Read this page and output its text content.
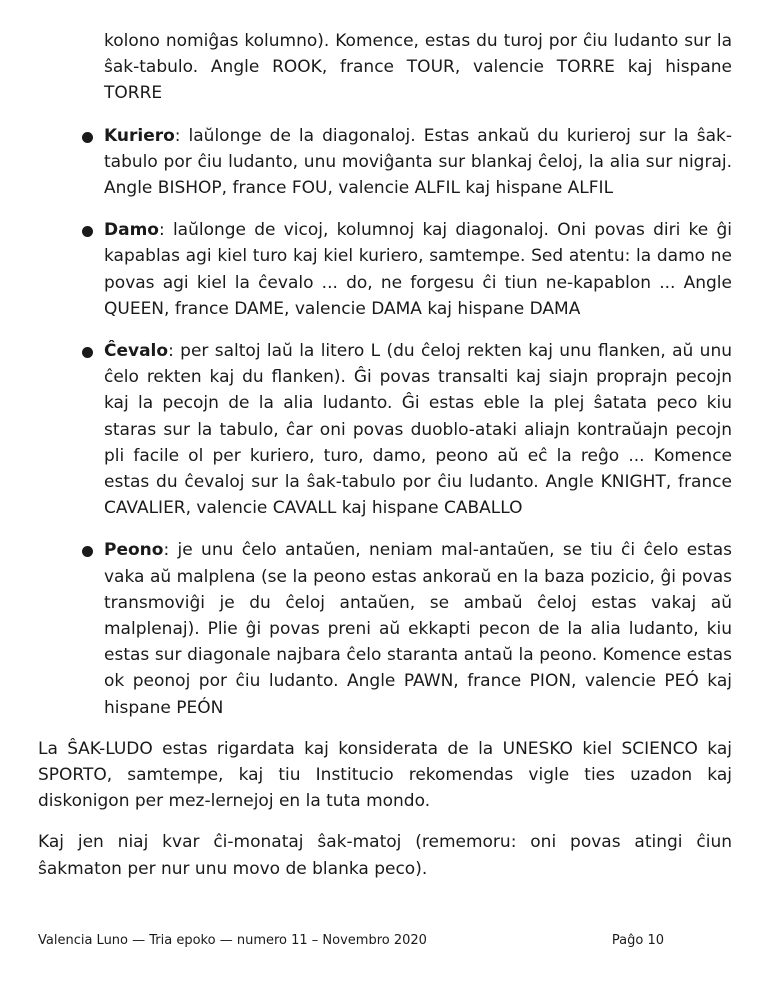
kolono nomiĝas kolumno). Komence, estas du turoj por ĉiu ludanto sur la ŝak-tabulo. Angle ROOK, france TOUR, valencie TORRE kaj hispane TORRE

Kuriero: laŭlonge de la diagonaloj. Estas ankaŭ du kurieroj sur la ŝak-tabulo por ĉiu ludanto, unu moviĝanta sur blankaj ĉeloj, la alia sur nigraj. Angle BISHOP, france FOU, valencie ALFIL kaj hispane ALFIL

Damo: laŭlonge de vicoj, kolumnoj kaj diagonaloj. Oni povas diri ke ĝi kapablas agi kiel turo kaj kiel kuriero, samtempe. Sed atentu: la damo ne povas agi kiel la ĉevalo ... do, ne forgesu ĉi tiun ne-kapablon ... Angle QUEEN, france DAME, valencie DAMA kaj hispane DAMA

Ĉevalo: per saltoj laŭ la litero L (du ĉeloj rekten kaj unu flanken, aŭ unu ĉelo rekten kaj du flanken). Ĝi povas transalti kaj siajn proprajn pecojn kaj la pecojn de la alia ludanto. Ĝi estas eble la plej ŝatata peco kiu staras sur la tabulo, ĉar oni povas duoblo-ataki aliajn kontraŭajn pecojn pli facile ol per kuriero, turo, damo, peono aŭ eĉ la reĝo ... Komence estas du ĉevaloj sur la ŝak-tabulo por ĉiu ludanto. Angle KNIGHT, france CAVALIER, valencie CAVALL kaj hispane CABALLO

Peono: je unu ĉelo antaŭen, neniam mal-antaŭen, se tiu ĉi ĉelo estas vaka aŭ malplena (se la peono estas ankoraŭ en la baza pozicio, ĝi povas transmoviĝi je du ĉeloj antaŭen, se ambaŭ ĉeloj estas vakaj aŭ malplenaj). Plie ĝi povas preni aŭ ekkapti pecon de la alia ludanto, kiu estas sur diagonale najbara ĉelo staranta antaŭ la peono. Komence estas ok peonoj por ĉiu ludanto. Angle PAWN, france PION, valencie PEÓ kaj hispane PEÓN

La ŜAK-LUDO estas rigardata kaj konsiderata de la UNESKO kiel SCIENCO kaj SPORTO, samtempe, kaj tiu Institucio rekomendas vigle ties uzadon kaj diskonigon per mez-lernejoj en la tuta mondo.

Kaj jen niaj kvar ĉi-monataj ŝak-matoj (rememoru: oni povas atingi ĉiun ŝakmaton per nur unu movo de blanka peco).

Valencia Luno — Tria epoko — numero 11 – Novembro 2020	Paĝo 10
